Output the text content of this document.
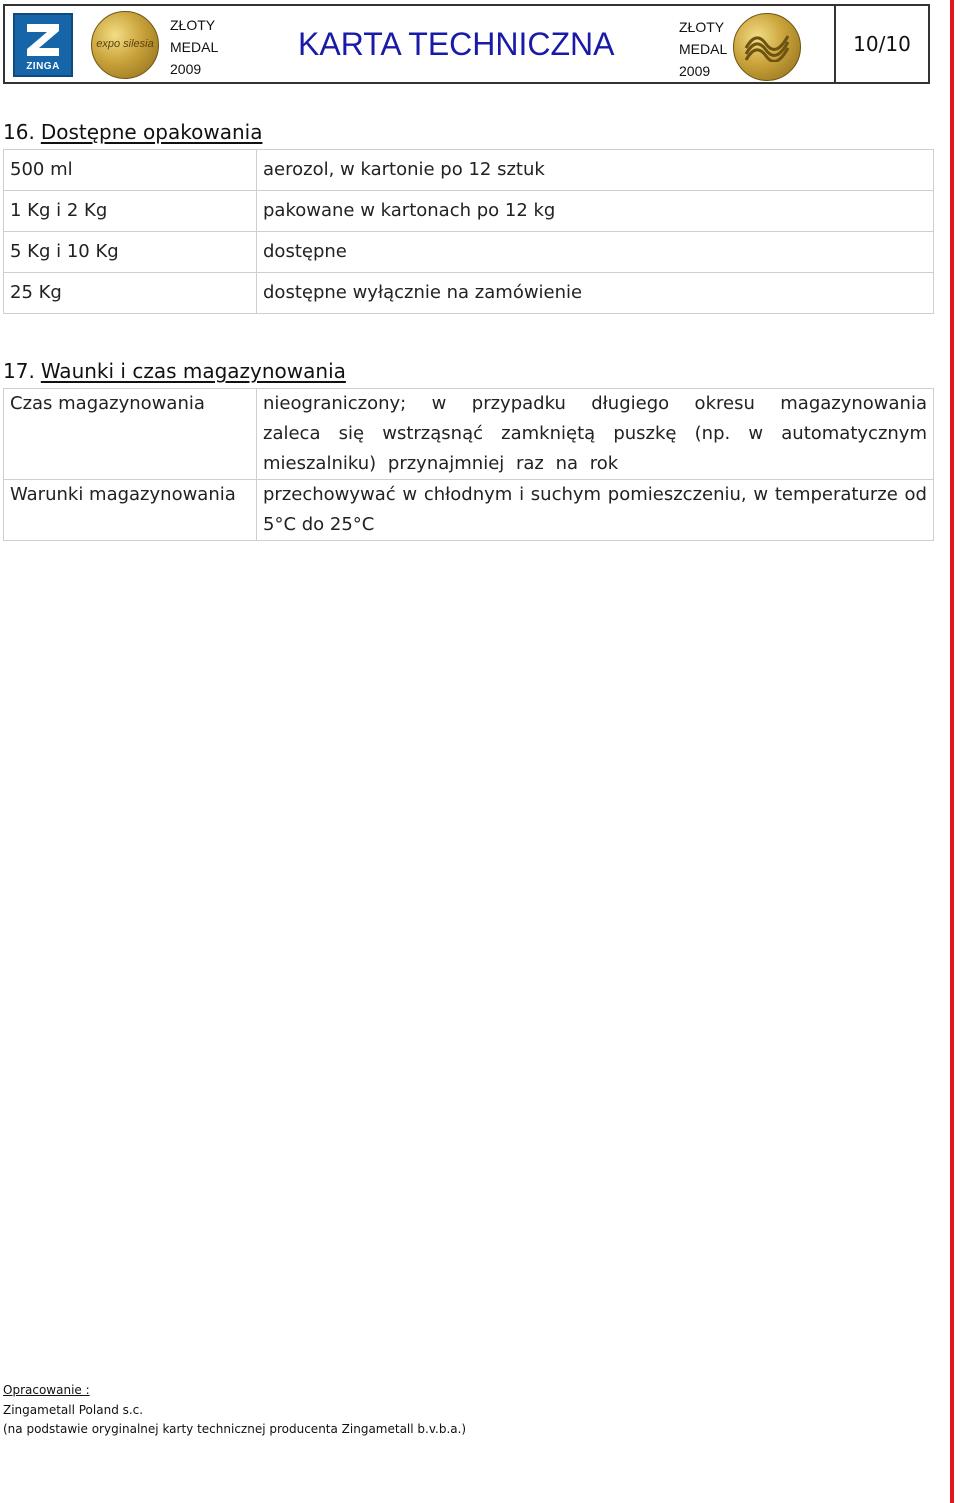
ZINGA
expo silesia
ZŁOTY
MEDAL
2009
KARTA TECHNICZNA	ZŁOTY
MEDAL
2009
10/10
16. Dostępne opakowania
500 ml	aerozol, w kartonie po 12 sztuk
1 Kg i 2 Kg	pakowane w kartonach po 12 kg
5 Kg i 10 Kg	dostępne
25 Kg	dostępne wyłącznie na zamówienie
17. Waunki i czas magazynowania
Czas magazynowania	nieograniczony; w przypadku długiego okresu magazynowania zaleca się wstrząsnąć zamkniętą puszkę (np. w automatycznym mieszalniku) przynajmniej raz na rok
Warunki magazynowania	przechowywać w chłodnym i suchym pomieszczeniu, w temperaturze od 5°C do 25°C
Opracowanie :
Zingametall Poland s.c.
(na podstawie oryginalnej karty technicznej producenta Zingametall b.v.b.a.)
